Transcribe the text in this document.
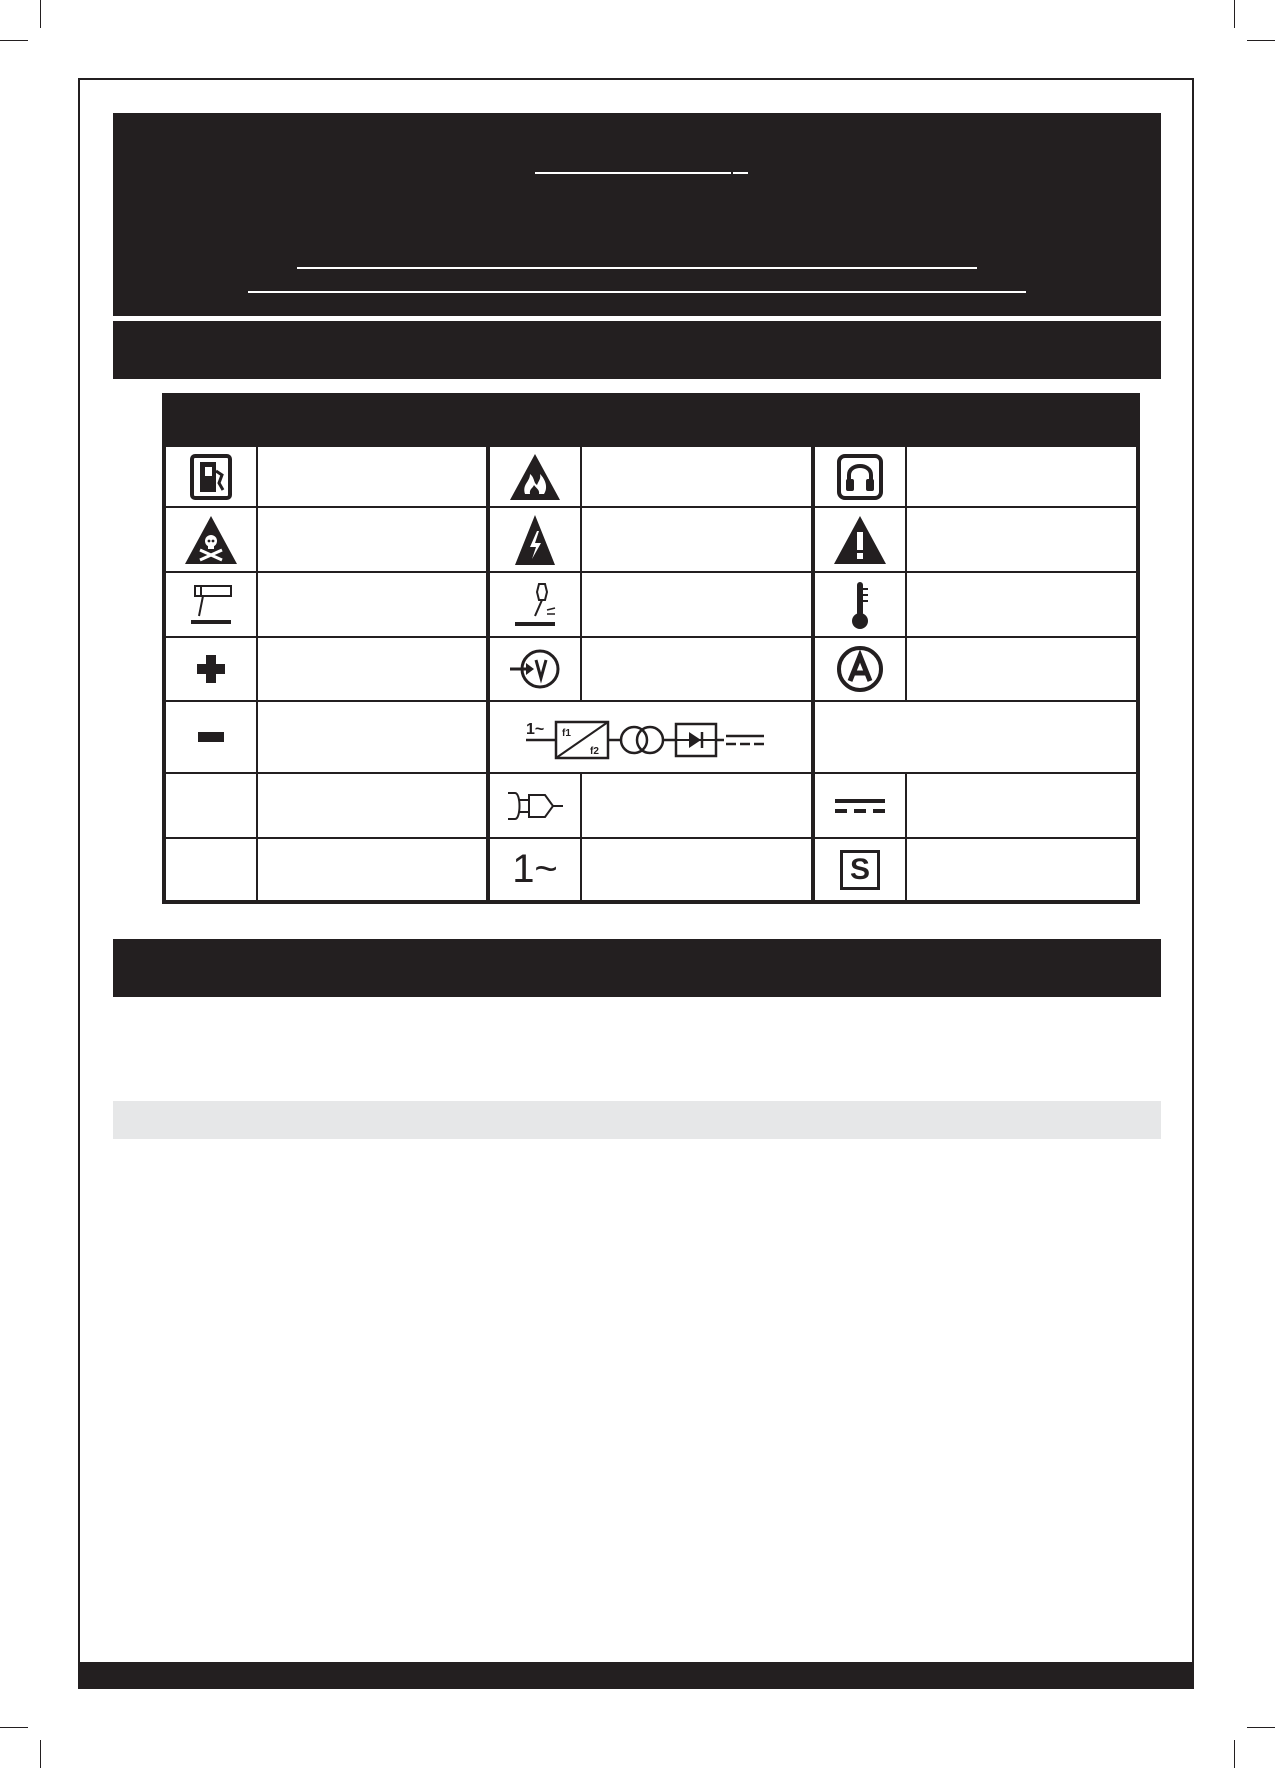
1~ f1
f2
1~	S
